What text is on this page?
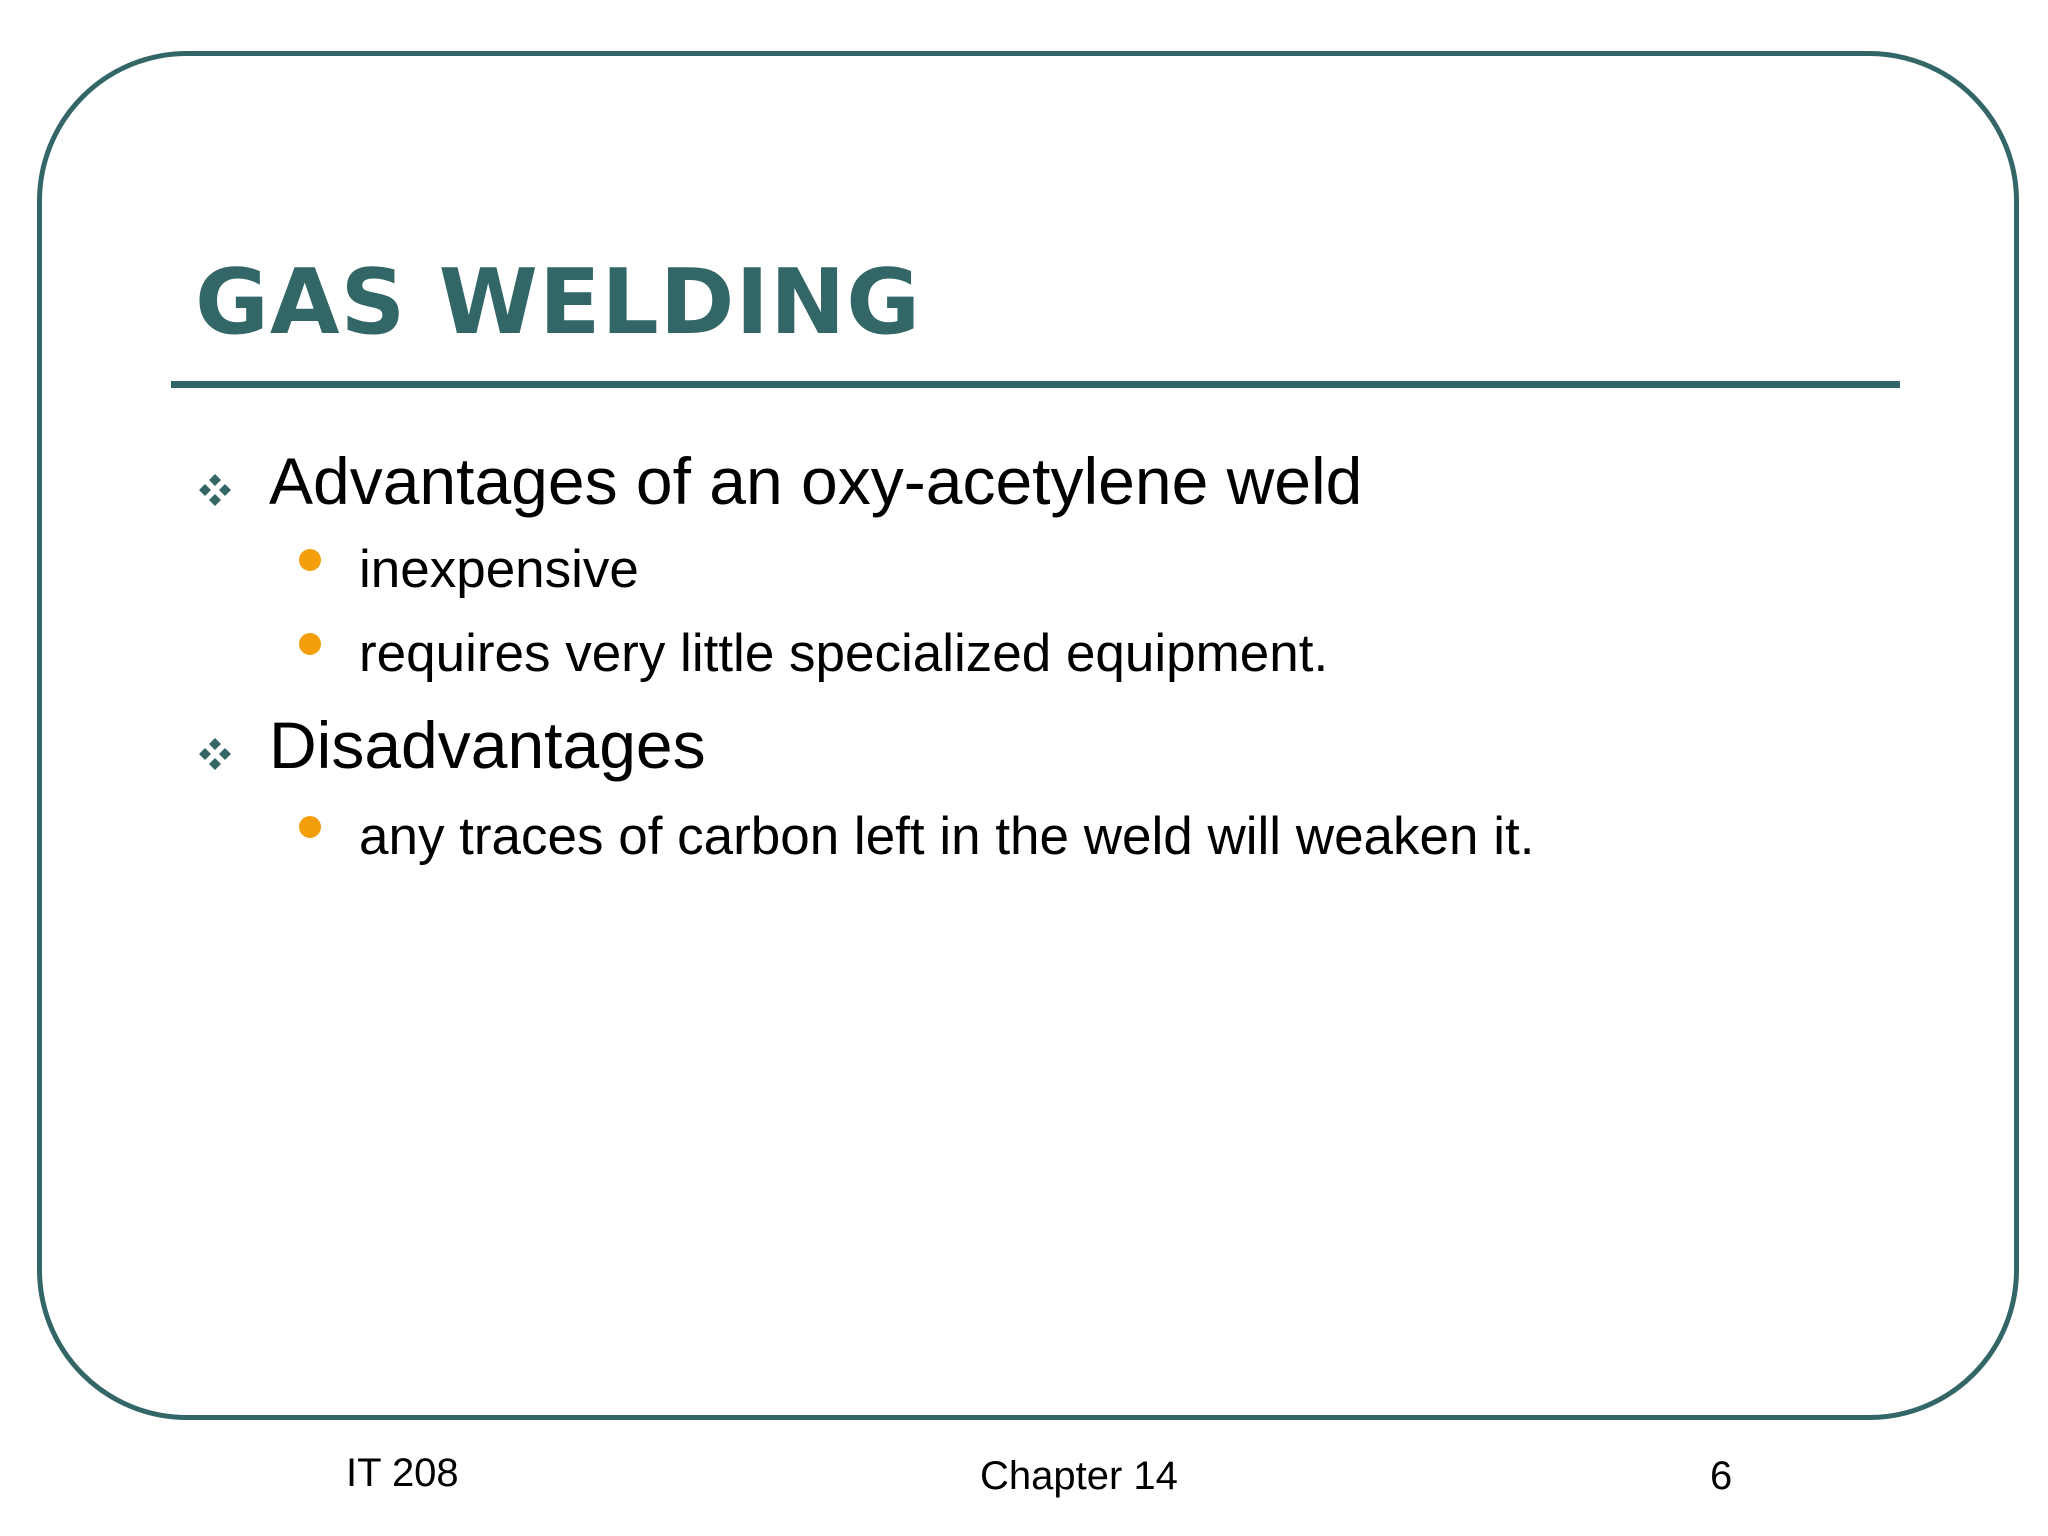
GAS WELDING
Advantages of an oxy-acetylene weld
inexpensive
requires very little specialized equipment.
Disadvantages
any traces of carbon left in the weld will weaken it.
IT 208	Chapter 14	6
